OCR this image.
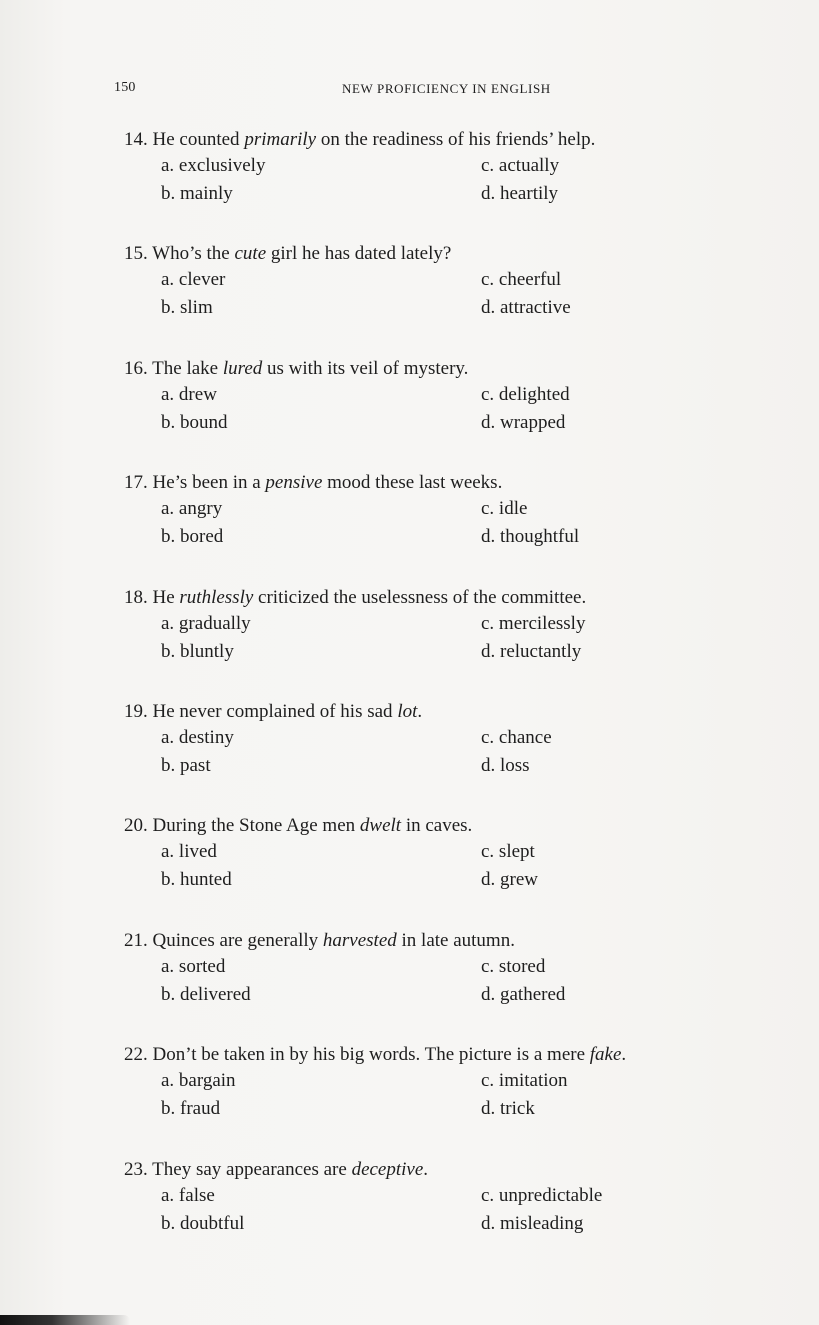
150	NEW PROFICIENCY IN ENGLISH
14. He counted primarily on the readiness of his friends’ help.
a. exclusively
b. mainly
c. actually
d. heartily
15. Who’s the cute girl he has dated lately?
a. clever
b. slim
c. cheerful
d. attractive
16. The lake lured us with its veil of mystery.
a. drew
b. bound
c. delighted
d. wrapped
17. He’s been in a pensive mood these last weeks.
a. angry
b. bored
c. idle
d. thoughtful
18. He ruthlessly criticized the uselessness of the committee.
a. gradually
b. bluntly
c. mercilessly
d. reluctantly
19. He never complained of his sad lot.
a. destiny
b. past
c. chance
d. loss
20. During the Stone Age men dwelt in caves.
a. lived
b. hunted
c. slept
d. grew
21. Quinces are generally harvested in late autumn.
a. sorted
b. delivered
c. stored
d. gathered
22. Don’t be taken in by his big words. The picture is a mere fake.
a. bargain
b. fraud
c. imitation
d. trick
23. They say appearances are deceptive.
a. false
b. doubtful
c. unpredictable
d. misleading
